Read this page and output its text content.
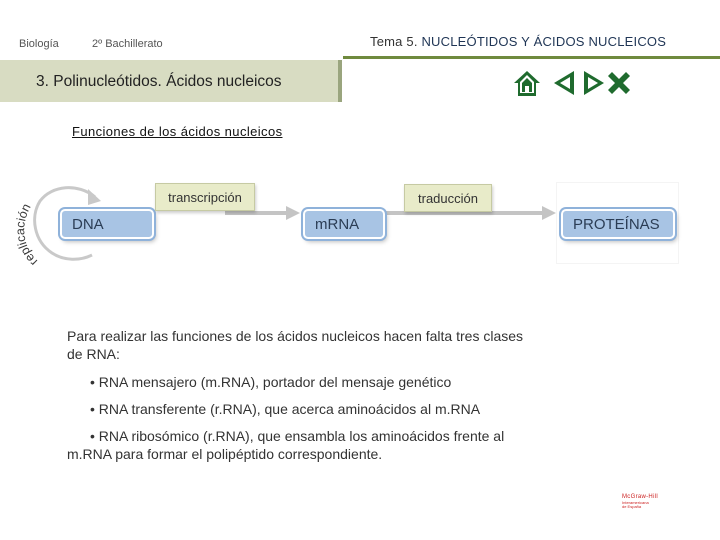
Biología	2º Bachillerato	Tema 5. NUCLEÓTIDOS Y ÁCIDOS NUCLEICOS
3. Polinucleótidos. Ácidos nucleicos
Funciones de los ácidos nucleicos
replicación
DNA
transcripción
mRNA
traducción
PROTEÍNAS
Para realizar las funciones de los ácidos nucleicos hacen falta tres clases
de RNA:
• RNA mensajero (m.RNA), portador del mensaje genético
• RNA transferente (r.RNA), que acerca aminoácidos al m.RNA
• RNA ribosómico (r.RNA), que ensambla los aminoácidos frente al
m.RNA para formar el polipéptido correspondiente.
McGraw-Hill
Interamericana
de España
